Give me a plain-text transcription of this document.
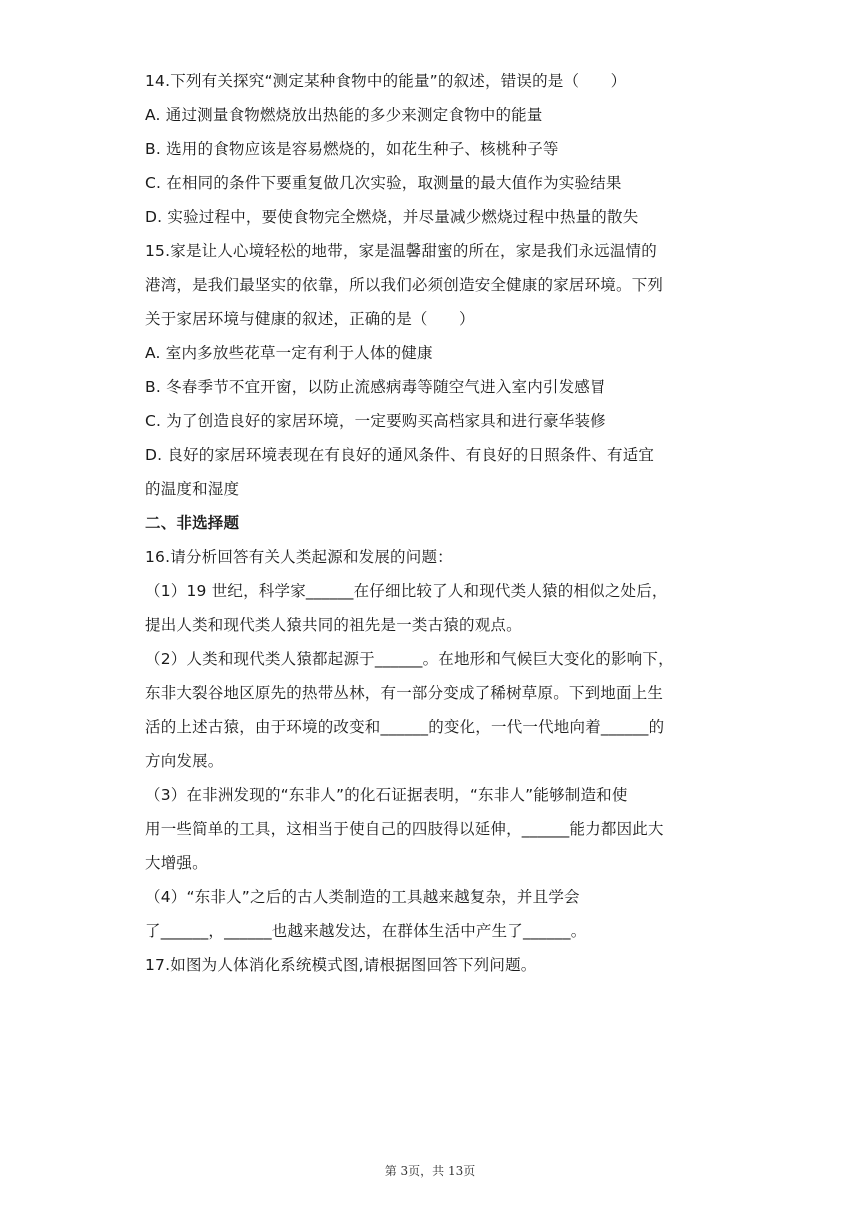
14.下列有关探究“测定某种食物中的能量”的叙述，错误的是（　　）
A. 通过测量食物燃烧放出热能的多少来测定食物中的能量
B. 选用的食物应该是容易燃烧的，如花生种子、核桃种子等
C. 在相同的条件下要重复做几次实验，取测量的最大值作为实验结果
D. 实验过程中，要使食物完全燃烧，并尽量减少燃烧过程中热量的散失
15.家是让人心境轻松的地带，家是温馨甜蜜的所在，家是我们永远温情的
港湾，是我们最坚实的依靠，所以我们必须创造安全健康的家居环境。下列
关于家居环境与健康的叙述，正确的是（　　）
A. 室内多放些花草一定有利于人体的健康
B. 冬春季节不宜开窗，以防止流感病毒等随空气进入室内引发感冒
C. 为了创造良好的家居环境，一定要购买高档家具和进行豪华装修
D. 良好的家居环境表现在有良好的通风条件、有良好的日照条件、有适宜
的温度和湿度
二、非选择题
16.请分析回答有关人类起源和发展的问题：
（1）19 世纪，科学家______在仔细比较了人和现代类人猿的相似之处后，
提出人类和现代类人猿共同的祖先是一类古猿的观点。
（2）人类和现代类人猿都起源于______。在地形和气候巨大变化的影响下，
东非大裂谷地区原先的热带丛林，有一部分变成了稀树草原。下到地面上生
活的上述古猿，由于环境的改变和______的变化，一代一代地向着______的
方向发展。
（3）在非洲发现的“东非人”的化石证据表明，“东非人”能够制造和使
用一些简单的工具，这相当于使自己的四肢得以延伸，______能力都因此大
大增强。
（4）“东非人”之后的古人类制造的工具越来越复杂，并且学会
了______，______也越来越发达，在群体生活中产生了______。
17.如图为人体消化系统模式图,请根据图回答下列问题。
第 3页，共 13页
